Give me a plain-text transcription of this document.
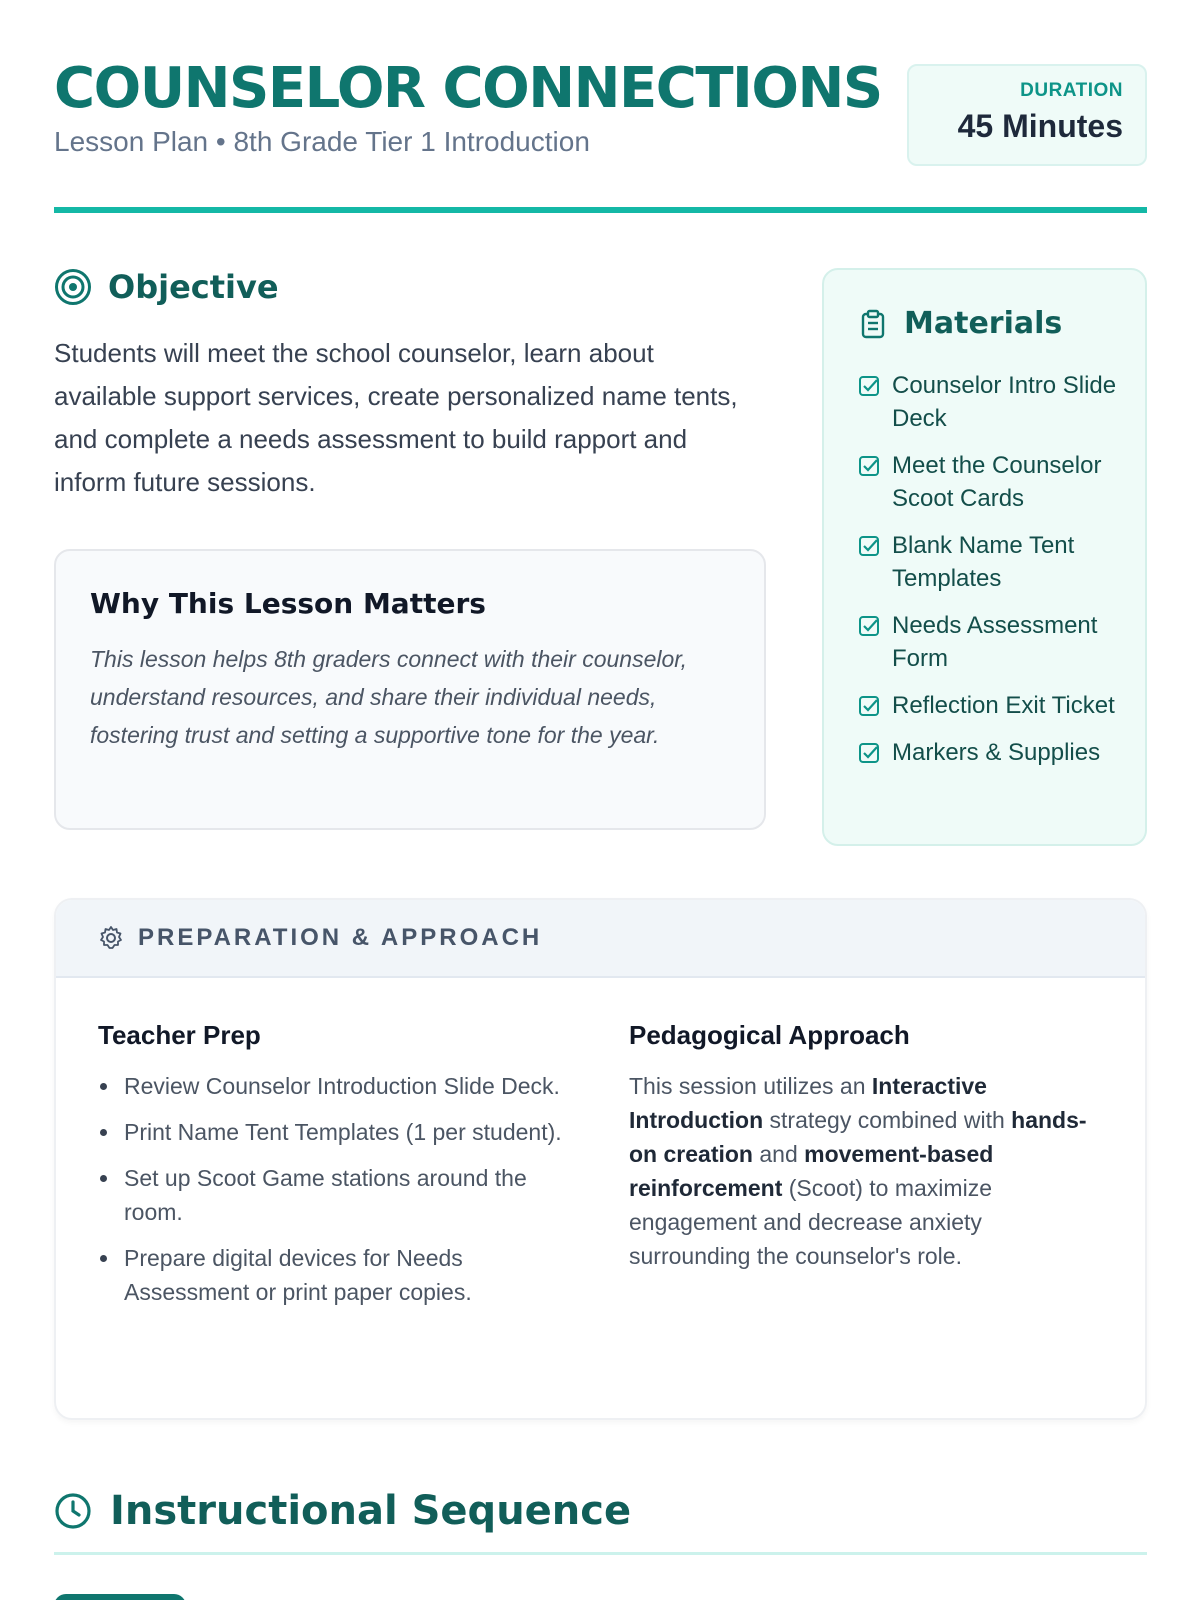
COUNSELOR CONNECTIONS
Lesson Plan • 8th Grade Tier 1 Introduction
DURATION
45 Minutes
Objective

Students will meet the school counselor, learn about available support services, create personalized name tents, and complete a needs assessment to build rapport and inform future sessions.

Why This Lesson Matters

This lesson helps 8th graders connect with their counselor, understand resources, and share their individual needs, fostering trust and setting a supportive tone for the year.

Materials
Counselor Intro Slide Deck
Meet the Counselor Scoot Cards
Blank Name Tent Templates
Needs Assessment Form
Reflection Exit Ticket
Markers & Supplies
PREPARATION & APPROACH
Teacher Prep
Review Counselor Introduction Slide Deck.
Print Name Tent Templates (1 per student).
Set up Scoot Game stations around the room.
Prepare digital devices for Needs Assessment or print paper copies.
Pedagogical Approach

This session utilizes an Interactive Introduction strategy combined with hands-on creation and movement-based reinforcement (Scoot) to maximize engagement and decrease anxiety surrounding the counselor's role.

Instructional Sequence
